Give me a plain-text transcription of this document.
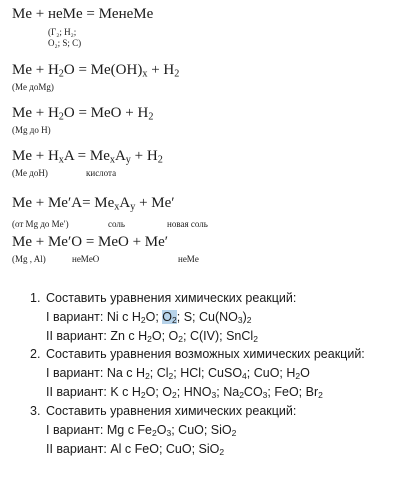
Me + неMe = MeнеMe
(Г₂; H₂;
O₂; S; C)
$Me + H_2O = Me(OH)_x + H_2$
(Me доMg)
$Me + H_2O$ = MeO + $H_2$
(Mg до H)
$Me + H_xA = Me_xA_y + H_2$
(Me доН)	кислота
$Me + Me'A= Me_xA_y + Me'$
(от Mg до Me′)	соль	новая соль
Me + Me′O = MeO + Me′
(Mg , Al)	неMeO	неMe
1. Составить уравнения химических реакций:
I вариант: Ni с $H_2O$; $O_2$; S; $Cu(NO_3)_2$
II вариант: Zn с $H_2O$; $O_2$; C(IV); SnCl$_2$
2. Составить уравнения возможных химических реакций:
I вариант: Na с $H_2$; $Cl_2$; HCl; CuSO$_4$; CuO; $H_2O$
II вариант: K с $H_2O$; $O_2$; $HNO_3$; $Na_2CO_3$; FeO; $Br_2$
3. Составить уравнения химических реакций:
I вариант: Mg с $Fe_2O_3$; CuO; SiO$_2$
II вариант: Al с FeO; CuO; SiO$_2$
